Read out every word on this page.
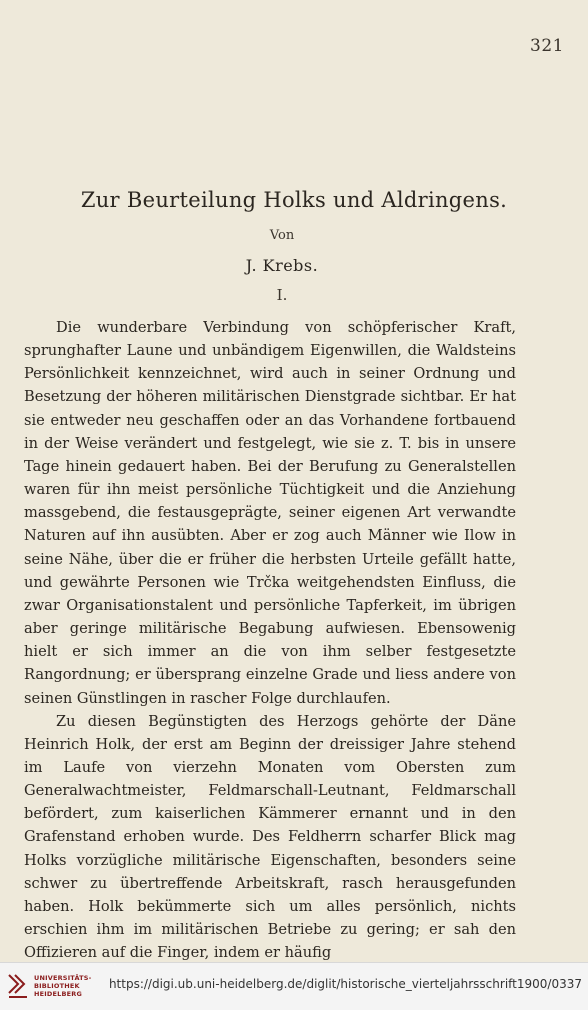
321
Zur Beurteilung Holks und Aldringens.
Von
J. Krebs.
I.

Die wunderbare Verbindung von schöpferischer Kraft, sprunghafter Laune und unbändigem Eigenwillen, die Waldsteins Persönlichkeit kennzeichnet, wird auch in seiner Ordnung und Besetzung der höheren militärischen Dienstgrade sichtbar. Er hat sie entweder neu geschaffen oder an das Vorhandene fortbauend in der Weise verändert und festgelegt, wie sie z. T. bis in unsere Tage hinein gedauert haben. Bei der Berufung zu Generalstellen waren für ihn meist persönliche Tüchtigkeit und die Anziehung massgebend, die festausgeprägte, seiner eigenen Art verwandte Naturen auf ihn ausübten. Aber er zog auch Männer wie Ilow in seine Nähe, über die er früher die herbsten Urteile gefällt hatte, und gewährte Personen wie Trčka weitgehendsten Einfluss, die zwar Organisationstalent und persönliche Tapferkeit, im übrigen aber geringe militärische Begabung aufwiesen. Ebensowenig hielt er sich immer an die von ihm selber festgesetzte Rangordnung; er übersprang einzelne Grade und liess andere von seinen Günstlingen in rascher Folge durchlaufen.

Zu diesen Begünstigten des Herzogs gehörte der Däne Heinrich Holk, der erst am Beginn der dreissiger Jahre stehend im Laufe von vierzehn Monaten vom Obersten zum Generalwachtmeister, Feldmarschall-Leutnant, Feldmarschall befördert, zum kaiserlichen Kämmerer ernannt und in den Grafenstand erhoben wurde. Des Feldherrn scharfer Blick mag Holks vorzügliche militärische Eigenschaften, besonders seine schwer zu übertreffende Arbeitskraft, rasch herausgefunden haben. Holk bekümmerte sich um alles persönlich, nichts erschien ihm im militärischen Betriebe zu gering; er sah den Offizieren auf die Finger, indem er häufig

UNIVERSITÄTS-
BIBLIOTHEK
HEIDELBERG
https://digi.ub.uni-heidelberg.de/diglit/historische_vierteljahrsschrift1900/0337
